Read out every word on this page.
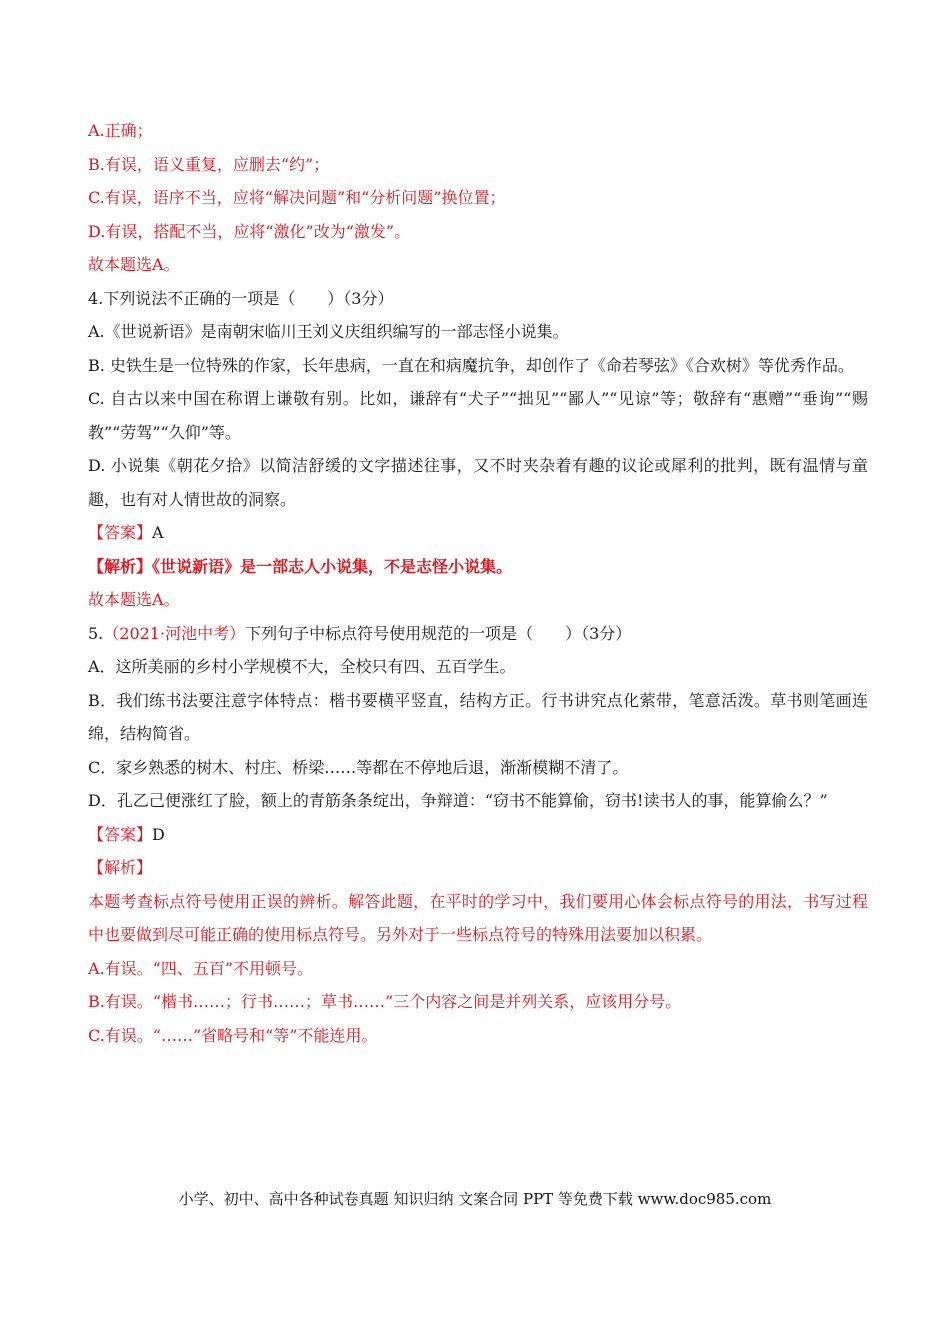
A.正确；
B.有误，语义重复，应删去“约”；
C.有误，语序不当，应将“解决问题”和“分析问题”换位置；
D.有误，搭配不当，应将“激化”改为“激发”。
故本题选A。
4.下列说法不正确的一项是（　　）（3分）
A.《世说新语》是南朝宋临川王刘义庆组织编写的一部志怪小说集。
B. 史铁生是一位特殊的作家，长年患病，一直在和病魔抗争，却创作了《命若琴弦》《合欢树》等优秀作品。
C. 自古以来中国在称谓上谦敬有别。比如，谦辞有“犬子”“拙见”“鄙人”“见谅”等；敬辞有“惠赠”“垂询”“赐教”“劳驾”“久仰”等。
D. 小说集《朝花夕拾》以简洁舒缓的文字描述往事，又不时夹杂着有趣的议论或犀利的批判，既有温情与童趣，也有对人情世故的洞察。
【答案】A
【解析】《世说新语》是一部志人小说集，不是志怪小说集。
故本题选A。
5.（2021·河池中考）下列句子中标点符号使用规范的一项是（　　）（3分）
A．这所美丽的乡村小学规模不大，全校只有四、五百学生。
B．我们练书法要注意字体特点：楷书要横平竖直，结构方正。行书讲究点化萦带，笔意活泼。草书则笔画连绵，结构简省。
C．家乡熟悉的树木、村庄、桥梁……等都在不停地后退，渐渐模糊不清了。
D．孔乙己便涨红了脸，额上的青筋条条绽出，争辩道：“窃书不能算偷，窃书!读书人的事，能算偷么？”
【答案】D
【解析】
本题考查标点符号使用正误的辨析。解答此题，在平时的学习中，我们要用心体会标点符号的用法，书写过程中也要做到尽可能正确的使用标点符号。另外对于一些标点符号的特殊用法要加以积累。
A.有误。“四、五百”不用顿号。
B.有误。“楷书……；行书……；草书……”三个内容之间是并列关系，应该用分号。
C.有误。“……”省略号和“等”不能连用。
小学、初中、高中各种试卷真题 知识归纳 文案合同 PPT 等免费下载 www.doc985.com
